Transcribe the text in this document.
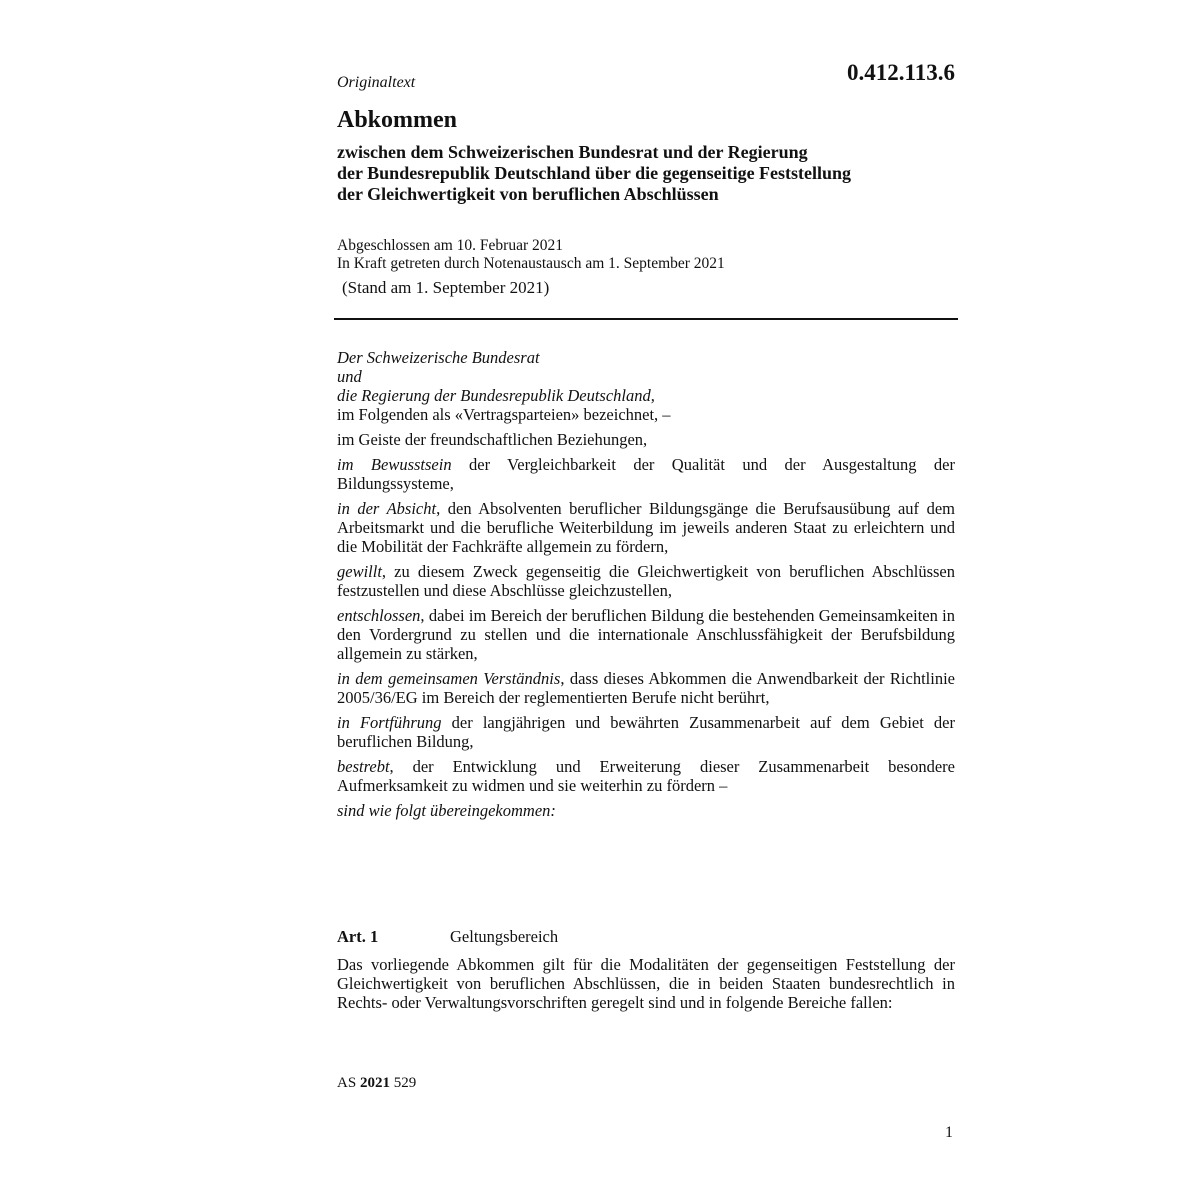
Originaltext	0.412.113.6
Abkommen
zwischen dem Schweizerischen Bundesrat und der Regierung
der Bundesrepublik Deutschland über die gegenseitige Feststellung
der Gleichwertigkeit von beruflichen Abschlüssen
Abgeschlossen am 10. Februar 2021
In Kraft getreten durch Notenaustausch am 1. September 2021
(Stand am 1. September 2021)
Der Schweizerische Bundesrat
und
die Regierung der Bundesrepublik Deutschland,
im Folgenden als «Vertragsparteien» bezeichnet, –
im Geiste der freundschaftlichen Beziehungen,
im Bewusstsein der Vergleichbarkeit der Qualität und der Ausgestaltung der Bildungssysteme,
in der Absicht, den Absolventen beruflicher Bildungsgänge die Berufsausübung auf dem Arbeitsmarkt und die berufliche Weiterbildung im jeweils anderen Staat zu erleichtern und die Mobilität der Fachkräfte allgemein zu fördern,
gewillt, zu diesem Zweck gegenseitig die Gleichwertigkeit von beruflichen Abschlüssen festzustellen und diese Abschlüsse gleichzustellen,
entschlossen, dabei im Bereich der beruflichen Bildung die bestehenden Gemeinsamkeiten in den Vordergrund zu stellen und die internationale Anschlussfähigkeit der Berufsbildung allgemein zu stärken,
in dem gemeinsamen Verständnis, dass dieses Abkommen die Anwendbarkeit der Richtlinie 2005/36/EG im Bereich der reglementierten Berufe nicht berührt,
in Fortführung der langjährigen und bewährten Zusammenarbeit auf dem Gebiet der beruflichen Bildung,
bestrebt, der Entwicklung und Erweiterung dieser Zusammenarbeit besondere Aufmerksamkeit zu widmen und sie weiterhin zu fördern –
sind wie folgt übereingekommen:
Art. 1	Geltungsbereich
Das vorliegende Abkommen gilt für die Modalitäten der gegenseitigen Feststellung der Gleichwertigkeit von beruflichen Abschlüssen, die in beiden Staaten bundesrechtlich in Rechts- oder Verwaltungsvorschriften geregelt sind und in folgende Bereiche fallen:
AS 2021 529
1
